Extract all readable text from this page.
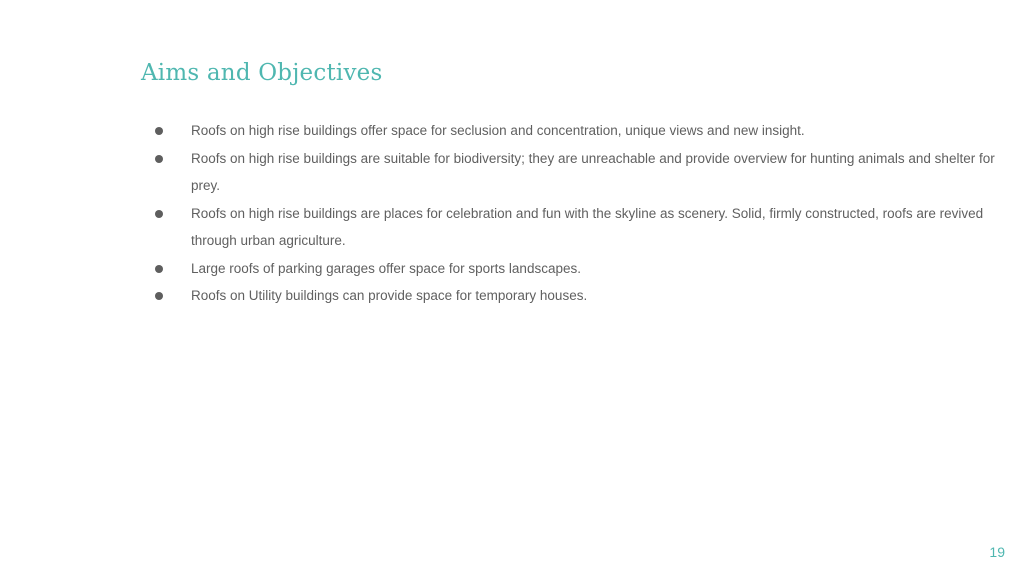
Aims and Objectives
Roofs on high rise buildings offer space for seclusion and concentration, unique views and new insight.
Roofs on high rise buildings are suitable for biodiversity; they are unreachable and provide overview for hunting animals and shelter for prey.
Roofs on high rise buildings are places for celebration and fun with the skyline as scenery. Solid, firmly constructed, roofs are revived through urban agriculture.
Large roofs of parking garages offer space for sports landscapes.
Roofs on Utility buildings can provide space for temporary houses.
19
